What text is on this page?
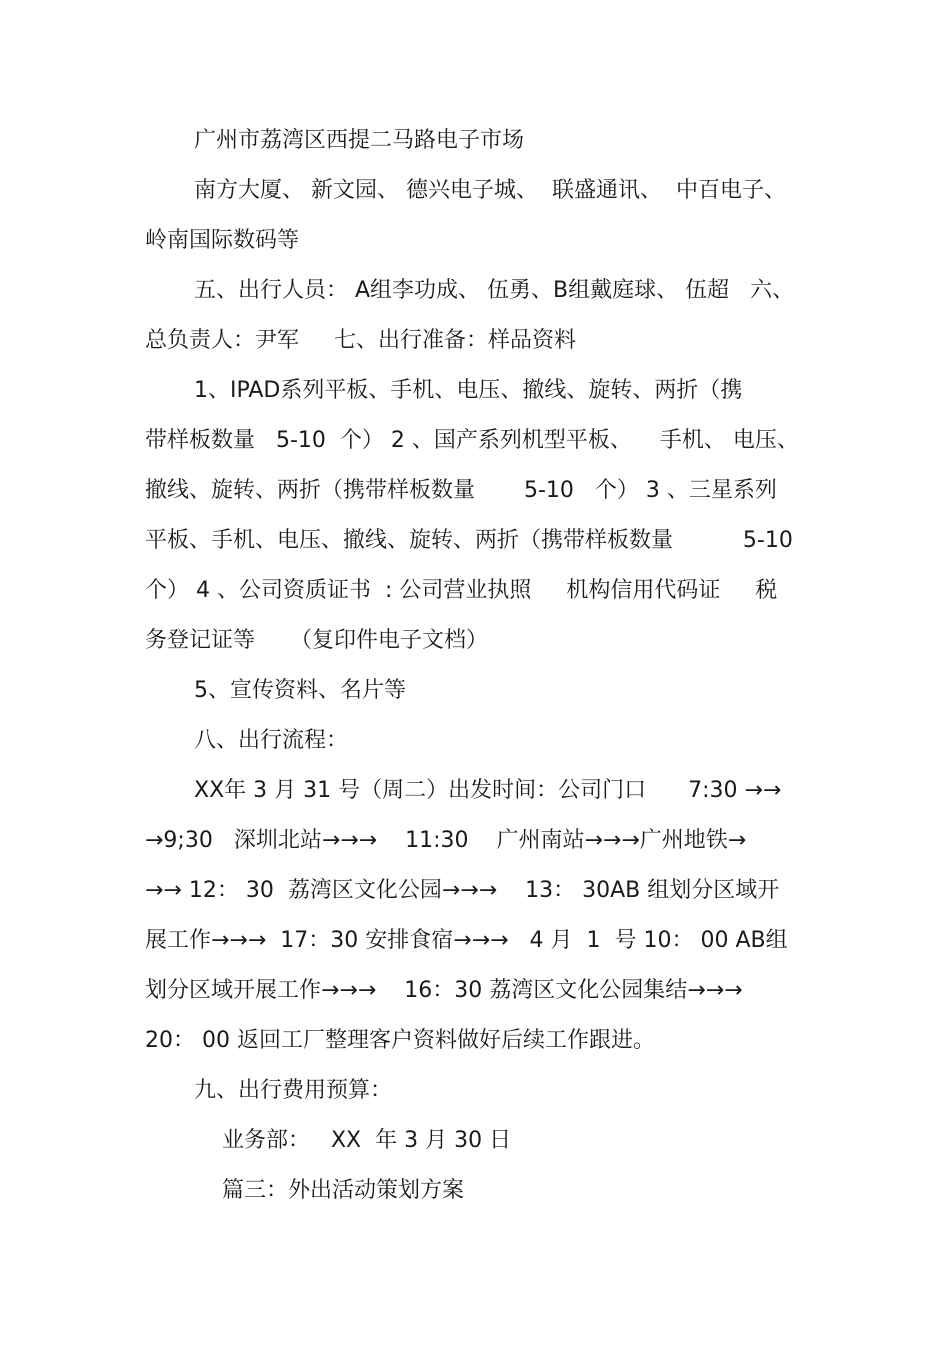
广州市荔湾区西提二马路电子市场
南方大厦、 新文园、 德兴电子城、  联盛通讯、  中百电子、
岭南国际数码等
五、出行人员： A组李功成、 伍勇、B组戴庭球、 伍超   六、
总负责人：尹军     七、出行准备：样品资料
1、IPAD系列平板、手机、电压、撤线、旋转、两折（携
带样板数量   5-10  个） 2 、国产系列机型平板、    手机、 电压、
撤线、旋转、两折（携带样板数量       5-10   个） 3 、三星系列
平板、手机、电压、撤线、旋转、两折（携带样板数量          5-10
个） 4 、公司资质证书  : 公司营业执照     机构信用代码证     税
务登记证等     （复印件电子文档）
5、宣传资料、名片等
八、出行流程：
XX年 3 月 31 号（周二）出发时间：公司门口      7:30 →→
→9;30   深圳北站→→→    11:30    广州南站→→→广州地铁→
→→ 12： 30  荔湾区文化公园→→→    13： 30AB 组划分区域开
展工作→→→  17：30 安排食宿→→→   4 月  1  号 10： 00 AB组
划分区域开展工作→→→    16：30 荔湾区文化公园集结→→→
20： 00 返回工厂整理客户资料做好后续工作跟进。
九、出行费用预算：
业务部：   XX  年 3 月 30 日
篇三：外出活动策划方案
